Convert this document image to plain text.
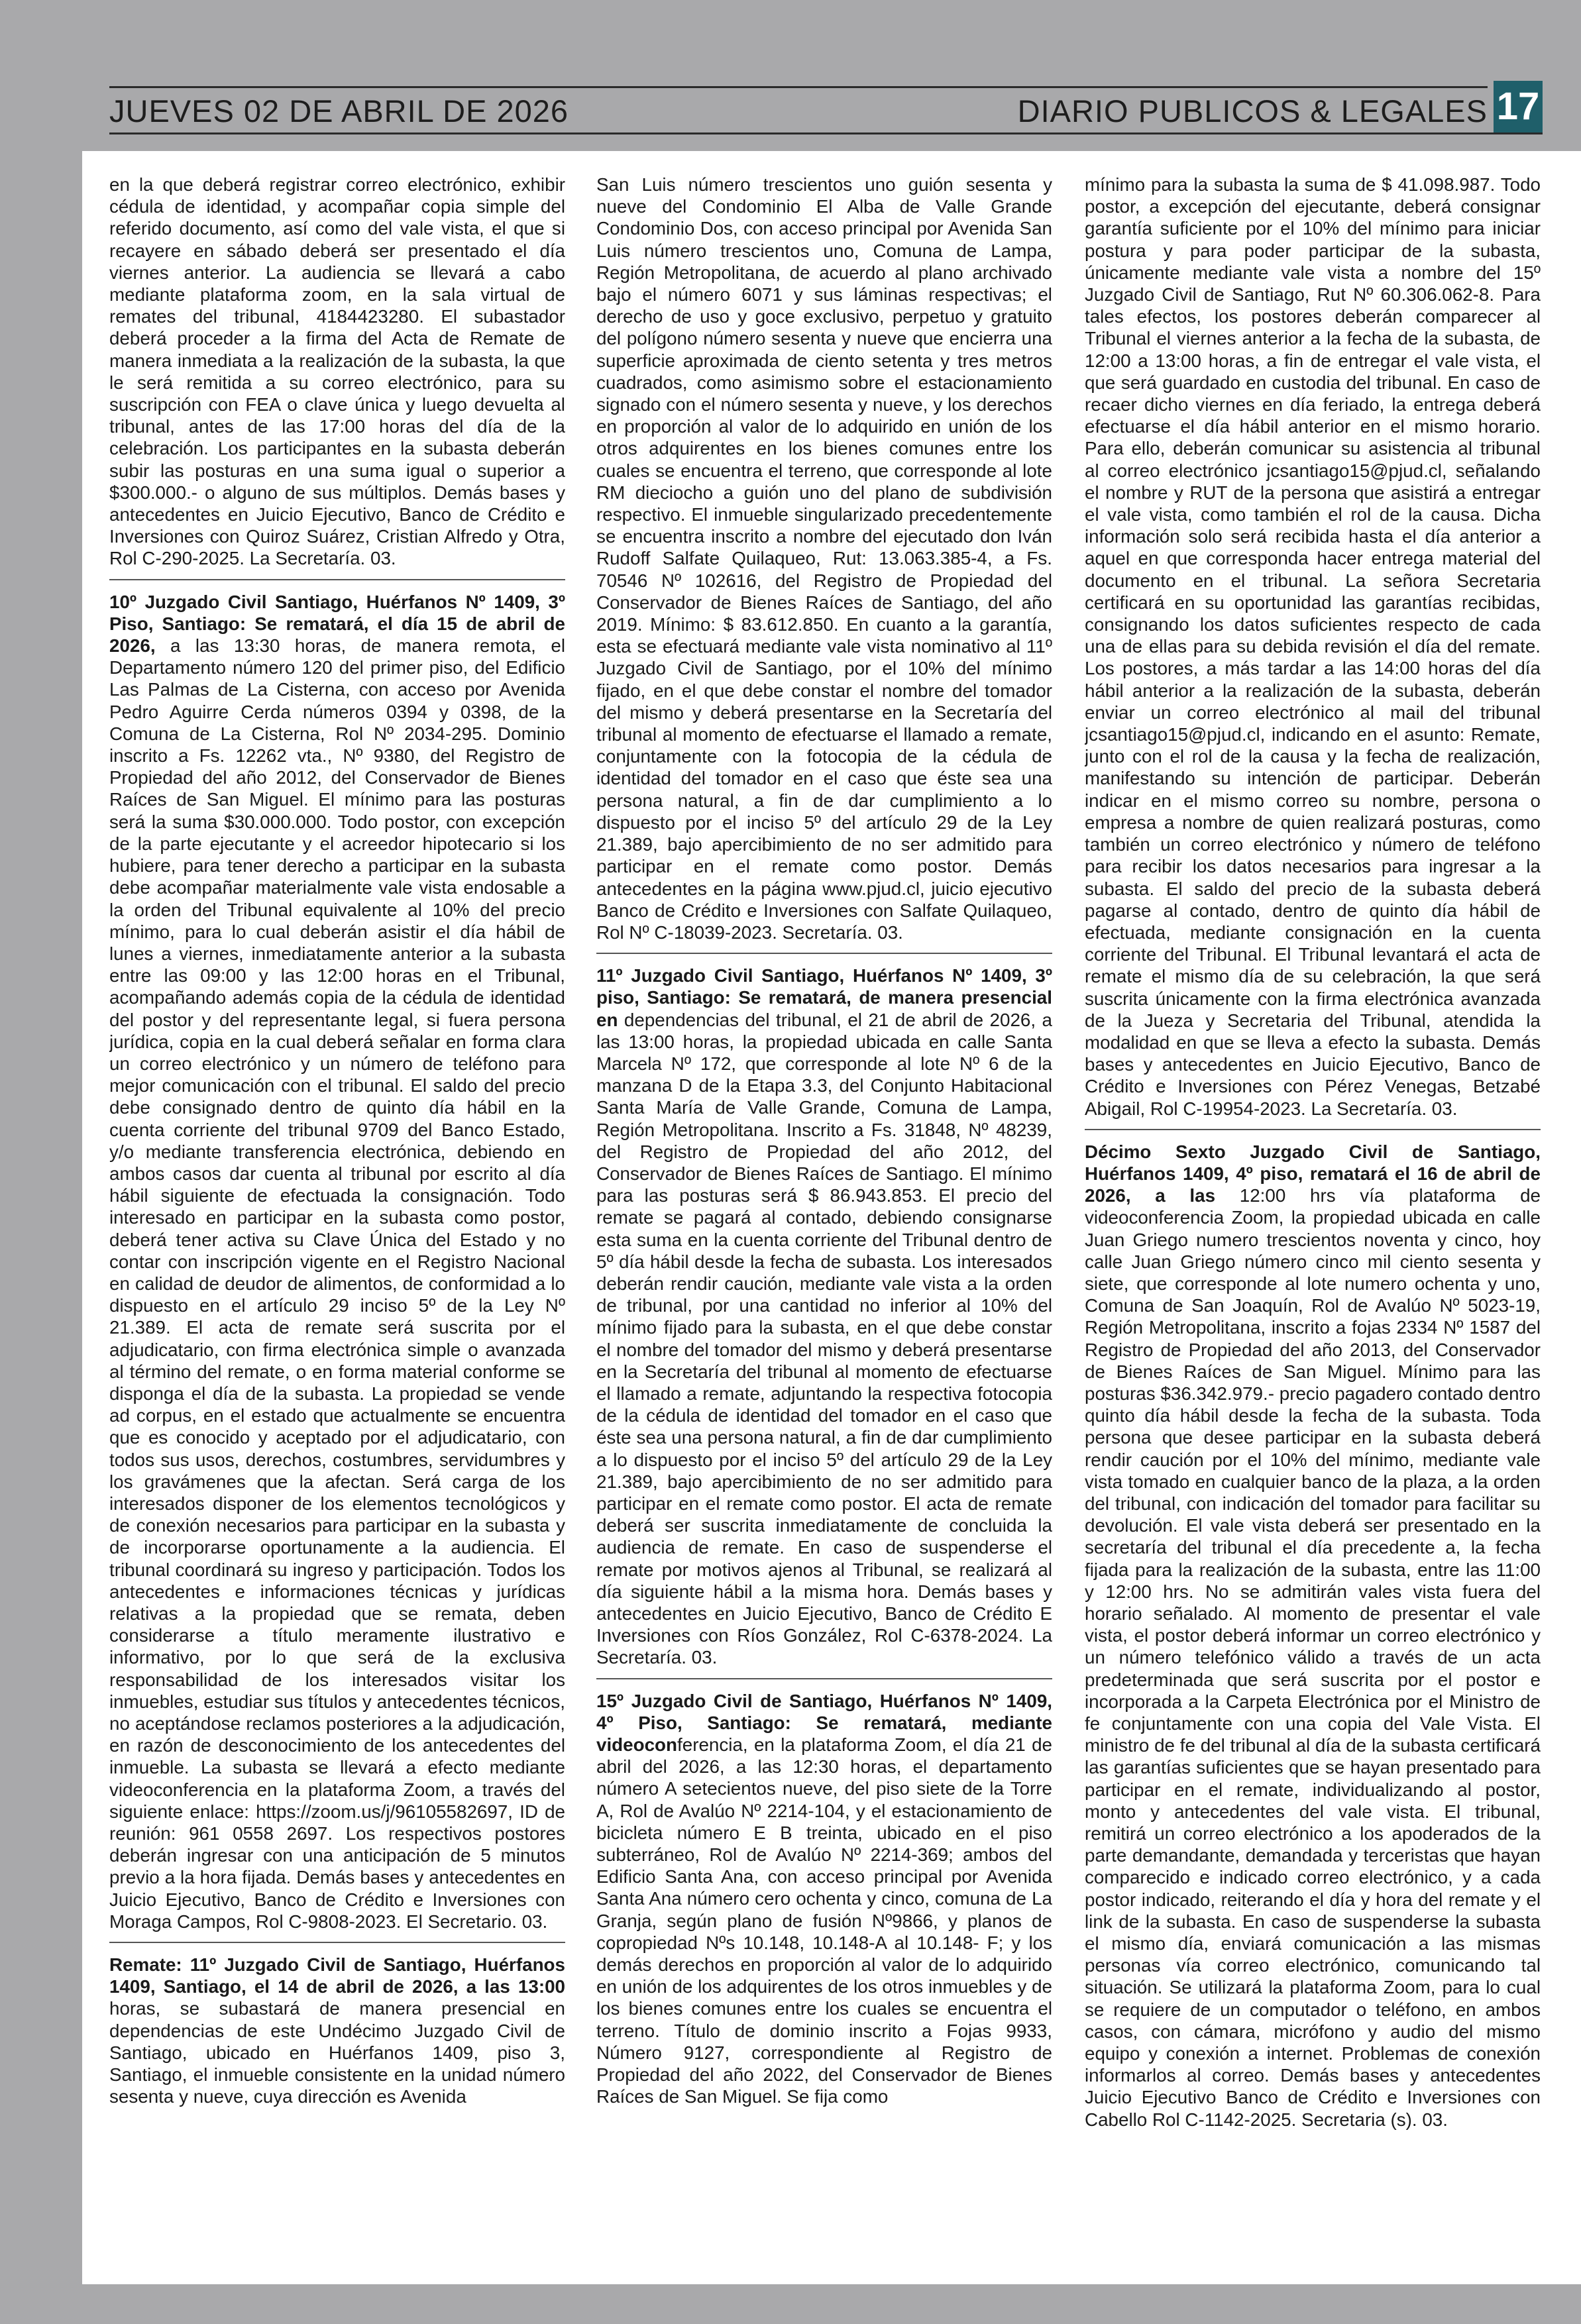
JUEVES 02 DE ABRIL DE 2026	DIARIO PUBLICOS & LEGALES 17

en la que deberá registrar correo electrónico, exhibir cédula de identidad, y acompañar copia simple del referido documento, así como del vale vista, el que si recayere en sábado deberá ser presentado el día viernes anterior. La audiencia se llevará a cabo mediante plataforma zoom, en la sala virtual de remates del tribunal, 4184423280. El subastador deberá proceder a la firma del Acta de Remate de manera inmediata a la realización de la subasta, la que le será remitida a su correo electrónico, para su suscripción con FEA o clave única y luego devuelta al tribunal, antes de las 17:00 horas del día de la celebración. Los participantes en la subasta deberán subir las posturas en una suma igual o superior a $300.000.- o alguno de sus múltiplos. Demás bases y antecedentes en Juicio Ejecutivo, Banco de Crédito e Inversiones con Quiroz Suárez, Cristian Alfredo y Otra, Rol C-290-2025. La Secretaría. 03.

10º Juzgado Civil Santiago, Huérfanos Nº 1409, 3º Piso, Santiago: Se rematará, el día 15 de abril de 2026, a las 13:30 horas, de manera remota, el Departamento número 120 del primer piso, del Edificio Las Palmas de La Cisterna, con acceso por Avenida Pedro Aguirre Cerda números 0394 y 0398, de la Comuna de La Cisterna, Rol Nº 2034-295. Dominio inscrito a Fs. 12262 vta., Nº 9380, del Registro de Propiedad del año 2012, del Conservador de Bienes Raíces de San Miguel. El mínimo para las posturas será la suma $30.000.000. Todo postor, con excepción de la parte ejecutante y el acreedor hipotecario si los hubiere, para tener derecho a participar en la subasta debe acompañar materialmente vale vista endosable a la orden del Tribunal equivalente al 10% del precio mínimo, para lo cual deberán asistir el día hábil de lunes a viernes, inmediatamente anterior a la subasta entre las 09:00 y las 12:00 horas en el Tribunal, acompañando además copia de la cédula de identidad del postor y del representante legal, si fuera persona jurídica, copia en la cual deberá señalar en forma clara un correo electrónico y un número de teléfono para mejor comunicación con el tribunal. El saldo del precio debe consignado dentro de quinto día hábil en la cuenta corriente del tribunal 9709 del Banco Estado, y/o mediante transferencia electrónica, debiendo en ambos casos dar cuenta al tribunal por escrito al día hábil siguiente de efectuada la consignación. Todo interesado en participar en la subasta como postor, deberá tener activa su Clave Única del Estado y no contar con inscripción vigente en el Registro Nacional en calidad de deudor de alimentos, de conformidad a lo dispuesto en el artículo 29 inciso 5º de la Ley Nº 21.389. El acta de remate será suscrita por el adjudicatario, con firma electrónica simple o avanzada al término del remate, o en forma material conforme se disponga el día de la subasta. La propiedad se vende ad corpus, en el estado que actualmente se encuentra que es conocido y aceptado por el adjudicatario, con todos sus usos, derechos, costumbres, servidumbres y los gravámenes que la afectan. Será carga de los interesados disponer de los elementos tecnológicos y de conexión necesarios para participar en la subasta y de incorporarse oportunamente a la audiencia. El tribunal coordinará su ingreso y participación. Todos los antecedentes e informaciones técnicas y jurídicas relativas a la propiedad que se remata, deben considerarse a título meramente ilustrativo e informativo, por lo que será de la exclusiva responsabilidad de los interesados visitar los inmuebles, estudiar sus títulos y antecedentes técnicos, no aceptándose reclamos posteriores a la adjudicación, en razón de desconocimiento de los antecedentes del inmueble. La subasta se llevará a efecto mediante videoconferencia en la plataforma Zoom, a través del siguiente enlace: https://zoom.us/j/96105582697, ID de reunión: 961 0558 2697. Los respectivos postores deberán ingresar con una anticipación de 5 minutos previo a la hora fijada. Demás bases y antecedentes en Juicio Ejecutivo, Banco de Crédito e Inversiones con Moraga Campos, Rol C-9808-2023. El Secretario. 03.

Remate: 11º Juzgado Civil de Santiago, Huérfanos 1409, Santiago, el 14 de abril de 2026, a las 13:00 horas, se subastará de manera presencial en dependencias de este Undécimo Juzgado Civil de Santiago, ubicado en Huérfanos 1409, piso 3, Santiago, el inmueble consistente en la unidad número sesenta y nueve, cuya dirección es Avenida

San Luis número trescientos uno guión sesenta y nueve del Condominio El Alba de Valle Grande Condominio Dos, con acceso principal por Avenida San Luis número trescientos uno, Comuna de Lampa, Región Metropolitana, de acuerdo al plano archivado bajo el número 6071 y sus láminas respectivas; el derecho de uso y goce exclusivo, perpetuo y gratuito del polígono número sesenta y nueve que encierra una superficie aproximada de ciento setenta y tres metros cuadrados, como asimismo sobre el estacionamiento signado con el número sesenta y nueve, y los derechos en proporción al valor de lo adquirido en unión de los otros adquirentes en los bienes comunes entre los cuales se encuentra el terreno, que corresponde al lote RM dieciocho a guión uno del plano de subdivisión respectivo. El inmueble singularizado precedentemente se encuentra inscrito a nombre del ejecutado don Iván Rudoff Salfate Quilaqueo, Rut: 13.063.385-4, a Fs. 70546 Nº 102616, del Registro de Propiedad del Conservador de Bienes Raíces de Santiago, del año 2019. Mínimo: $ 83.612.850. En cuanto a la garantía, esta se efectuará mediante vale vista nominativo al 11º Juzgado Civil de Santiago, por el 10% del mínimo fijado, en el que debe constar el nombre del tomador del mismo y deberá presentarse en la Secretaría del tribunal al momento de efectuarse el llamado a remate, conjuntamente con la fotocopia de la cédula de identidad del tomador en el caso que éste sea una persona natural, a fin de dar cumplimiento a lo dispuesto por el inciso 5º del artículo 29 de la Ley 21.389, bajo apercibimiento de no ser admitido para participar en el remate como postor. Demás antecedentes en la página www.pjud.cl, juicio ejecutivo Banco de Crédito e Inversiones con Salfate Quilaqueo, Rol Nº C-18039-2023. Secretaría. 03.

11º Juzgado Civil Santiago, Huérfanos Nº 1409, 3º piso, Santiago: Se rematará, de manera presencial en dependencias del tribunal, el 21 de abril de 2026, a las 13:00 horas, la propiedad ubicada en calle Santa Marcela Nº 172, que corresponde al lote Nº 6 de la manzana D de la Etapa 3.3, del Conjunto Habitacional Santa María de Valle Grande, Comuna de Lampa, Región Metropolitana. Inscrito a Fs. 31848, Nº 48239, del Registro de Propiedad del año 2012, del Conservador de Bienes Raíces de Santiago. El mínimo para las posturas será $ 86.943.853. El precio del remate se pagará al contado, debiendo consignarse esta suma en la cuenta corriente del Tribunal dentro de 5º día hábil desde la fecha de subasta. Los interesados deberán rendir caución, mediante vale vista a la orden de tribunal, por una cantidad no inferior al 10% del mínimo fijado para la subasta, en el que debe constar el nombre del tomador del mismo y deberá presentarse en la Secretaría del tribunal al momento de efectuarse el llamado a remate, adjuntando la respectiva fotocopia de la cédula de identidad del tomador en el caso que éste sea una persona natural, a fin de dar cumplimiento a lo dispuesto por el inciso 5º del artículo 29 de la Ley 21.389, bajo apercibimiento de no ser admitido para participar en el remate como postor. El acta de remate deberá ser suscrita inmediatamente de concluida la audiencia de remate. En caso de suspenderse el remate por motivos ajenos al Tribunal, se realizará al día siguiente hábil a la misma hora. Demás bases y antecedentes en Juicio Ejecutivo, Banco de Crédito E Inversiones con Ríos González, Rol C-6378-2024. La Secretaría. 03.

15º Juzgado Civil de Santiago, Huérfanos Nº 1409, 4º Piso, Santiago: Se rematará, mediante videoconferencia, en la plataforma Zoom, el día 21 de abril del 2026, a las 12:30 horas, el departamento número A setecientos nueve, del piso siete de la Torre A, Rol de Avalúo Nº 2214-104, y el estacionamiento de bicicleta número E B treinta, ubicado en el piso subterráneo, Rol de Avalúo Nº 2214-369; ambos del Edificio Santa Ana, con acceso principal por Avenida Santa Ana número cero ochenta y cinco, comuna de La Granja, según plano de fusión Nº9866, y planos de copropiedad Nºs 10.148, 10.148-A al 10.148- F; y los demás derechos en proporción al valor de lo adquirido en unión de los adquirentes de los otros inmuebles y de los bienes comunes entre los cuales se encuentra el terreno. Título de dominio inscrito a Fojas 9933, Número 9127, correspondiente al Registro de Propiedad del año 2022, del Conservador de Bienes Raíces de San Miguel. Se fija como

mínimo para la subasta la suma de $ 41.098.987. Todo postor, a excepción del ejecutante, deberá consignar garantía suficiente por el 10% del mínimo para iniciar postura y para poder participar de la subasta, únicamente mediante vale vista a nombre del 15º Juzgado Civil de Santiago, Rut Nº 60.306.062-8. Para tales efectos, los postores deberán comparecer al Tribunal el viernes anterior a la fecha de la subasta, de 12:00 a 13:00 horas, a fin de entregar el vale vista, el que será guardado en custodia del tribunal. En caso de recaer dicho viernes en día feriado, la entrega deberá efectuarse el día hábil anterior en el mismo horario. Para ello, deberán comunicar su asistencia al tribunal al correo electrónico jcsantiago15@pjud.cl, señalando el nombre y RUT de la persona que asistirá a entregar el vale vista, como también el rol de la causa. Dicha información solo será recibida hasta el día anterior a aquel en que corresponda hacer entrega material del documento en el tribunal. La señora Secretaria certificará en su oportunidad las garantías recibidas, consignando los datos suficientes respecto de cada una de ellas para su debida revisión el día del remate. Los postores, a más tardar a las 14:00 horas del día hábil anterior a la realización de la subasta, deberán enviar un correo electrónico al mail del tribunal jcsantiago15@pjud.cl, indicando en el asunto: Remate, junto con el rol de la causa y la fecha de realización, manifestando su intención de participar. Deberán indicar en el mismo correo su nombre, persona o empresa a nombre de quien realizará posturas, como también un correo electrónico y número de teléfono para recibir los datos necesarios para ingresar a la subasta. El saldo del precio de la subasta deberá pagarse al contado, dentro de quinto día hábil de efectuada, mediante consignación en la cuenta corriente del Tribunal. El Tribunal levantará el acta de remate el mismo día de su celebración, la que será suscrita únicamente con la firma electrónica avanzada de la Jueza y Secretaria del Tribunal, atendida la modalidad en que se lleva a efecto la subasta. Demás bases y antecedentes en Juicio Ejecutivo, Banco de Crédito e Inversiones con Pérez Venegas, Betzabé Abigail, Rol C-19954-2023. La Secretaría. 03.

Décimo Sexto Juzgado Civil de Santiago, Huérfanos 1409, 4º piso, rematará el 16 de abril de 2026, a las 12:00 hrs vía plataforma de videoconferencia Zoom, la propiedad ubicada en calle Juan Griego numero trescientos noventa y cinco, hoy calle Juan Griego número cinco mil ciento sesenta y siete, que corresponde al lote numero ochenta y uno, Comuna de San Joaquín, Rol de Avalúo Nº 5023-19, Región Metropolitana, inscrito a fojas 2334 Nº 1587 del Registro de Propiedad del año 2013, del Conservador de Bienes Raíces de San Miguel. Mínimo para las posturas $36.342.979.- precio pagadero contado dentro quinto día hábil desde la fecha de la subasta. Toda persona que desee participar en la subasta deberá rendir caución por el 10% del mínimo, mediante vale vista tomado en cualquier banco de la plaza, a la orden del tribunal, con indicación del tomador para facilitar su devolución. El vale vista deberá ser presentado en la secretaría del tribunal el día precedente a, la fecha fijada para la realización de la subasta, entre las 11:00 y 12:00 hrs. No se admitirán vales vista fuera del horario señalado. Al momento de presentar el vale vista, el postor deberá informar un correo electrónico y un número telefónico válido a través de un acta predeterminada que será suscrita por el postor e incorporada a la Carpeta Electrónica por el Ministro de fe conjuntamente con una copia del Vale Vista. El ministro de fe del tribunal al día de la subasta certificará las garantías suficientes que se hayan presentado para participar en el remate, individualizando al postor, monto y antecedentes del vale vista. El tribunal, remitirá un correo electrónico a los apoderados de la parte demandante, demandada y terceristas que hayan comparecido e indicado correo electrónico, y a cada postor indicado, reiterando el día y hora del remate y el link de la subasta. En caso de suspenderse la subasta el mismo día, enviará comunicación a las mismas personas vía correo electrónico, comunicando tal situación. Se utilizará la plataforma Zoom, para lo cual se requiere de un computador o teléfono, en ambos casos, con cámara, micrófono y audio del mismo equipo y conexión a internet. Problemas de conexión informarlos al correo. Demás bases y antecedentes Juicio Ejecutivo Banco de Crédito e Inversiones con Cabello Rol C-1142-2025. Secretaria (s). 03.
